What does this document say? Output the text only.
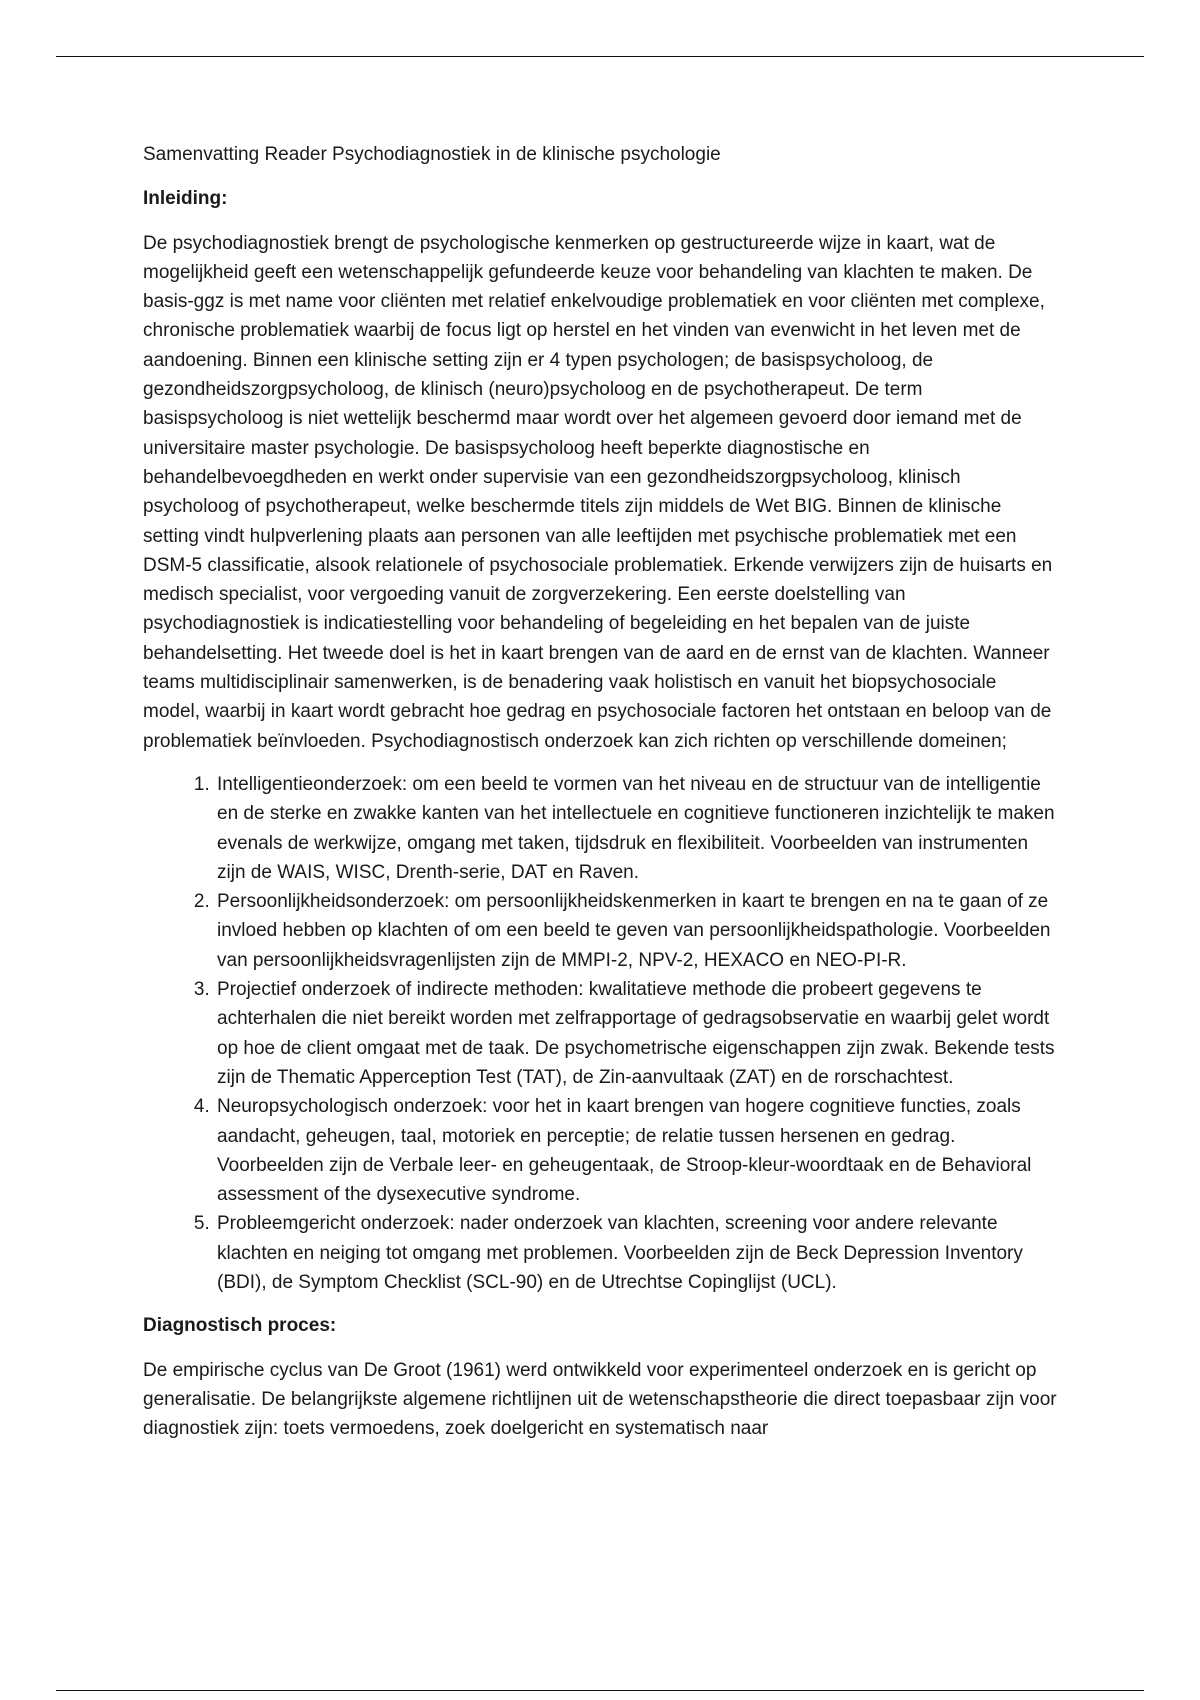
Samenvatting Reader Psychodiagnostiek in de klinische psychologie

Inleiding:

De psychodiagnostiek brengt de psychologische kenmerken op gestructureerde wijze in kaart, wat de mogelijkheid geeft een wetenschappelijk gefundeerde keuze voor behandeling van klachten te maken. De basis-ggz is met name voor cliënten met relatief enkelvoudige problematiek en voor cliënten met complexe, chronische problematiek waarbij de focus ligt op herstel en het vinden van evenwicht in het leven met de aandoening. Binnen een klinische setting zijn er 4 typen psychologen; de basispsycholoog, de gezondheidszorgpsycholoog, de klinisch (neuro)psycholoog en de psychotherapeut. De term basispsycholoog is niet wettelijk beschermd maar wordt over het algemeen gevoerd door iemand met de universitaire master psychologie. De basispsycholoog heeft beperkte diagnostische en behandelbevoegdheden en werkt onder supervisie van een gezondheidszorgpsycholoog, klinisch psycholoog of psychotherapeut, welke beschermde titels zijn middels de Wet BIG. Binnen de klinische setting vindt hulpverlening plaats aan personen van alle leeftijden met psychische problematiek met een DSM-5 classificatie, alsook relationele of psychosociale problematiek. Erkende verwijzers zijn de huisarts en medisch specialist, voor vergoeding vanuit de zorgverzekering. Een eerste doelstelling van psychodiagnostiek is indicatiestelling voor behandeling of begeleiding en het bepalen van de juiste behandelsetting. Het tweede doel is het in kaart brengen van de aard en de ernst van de klachten. Wanneer teams multidisciplinair samenwerken, is de benadering vaak holistisch en vanuit het biopsychosociale model, waarbij in kaart wordt gebracht hoe gedrag en psychosociale factoren het ontstaan en beloop van de problematiek beïnvloeden. Psychodiagnostisch onderzoek kan zich richten op verschillende domeinen;

1. Intelligentieonderzoek: om een beeld te vormen van het niveau en de structuur van de intelligentie en de sterke en zwakke kanten van het intellectuele en cognitieve functioneren inzichtelijk te maken evenals de werkwijze, omgang met taken, tijdsdruk en flexibiliteit. Voorbeelden van instrumenten zijn de WAIS, WISC, Drenth-serie, DAT en Raven.
2. Persoonlijkheidsonderzoek: om persoonlijkheidskenmerken in kaart te brengen en na te gaan of ze invloed hebben op klachten of om een beeld te geven van persoonlijkheidspathologie. Voorbeelden van persoonlijkheidsvragenlijsten zijn de MMPI-2, NPV-2, HEXACO en NEO-PI-R.
3. Projectief onderzoek of indirecte methoden: kwalitatieve methode die probeert gegevens te achterhalen die niet bereikt worden met zelfrapportage of gedragsobservatie en waarbij gelet wordt op hoe de client omgaat met de taak. De psychometrische eigenschappen zijn zwak. Bekende tests zijn de Thematic Apperception Test (TAT), de Zin-aanvultaak (ZAT) en de rorschachtest.
4. Neuropsychologisch onderzoek: voor het in kaart brengen van hogere cognitieve functies, zoals aandacht, geheugen, taal, motoriek en perceptie; de relatie tussen hersenen en gedrag. Voorbeelden zijn de Verbale leer- en geheugentaak, de Stroop-kleur-woordtaak en de Behavioral assessment of the dysexecutive syndrome.
5. Probleemgericht onderzoek: nader onderzoek van klachten, screening voor andere relevante klachten en neiging tot omgang met problemen. Voorbeelden zijn de Beck Depression Inventory (BDI), de Symptom Checklist (SCL-90) en de Utrechtse Copinglijst (UCL).

Diagnostisch proces:

De empirische cyclus van De Groot (1961) werd ontwikkeld voor experimenteel onderzoek en is gericht op generalisatie. De belangrijkste algemene richtlijnen uit de wetenschapstheorie die direct toepasbaar zijn voor diagnostiek zijn: toets vermoedens, zoek doelgericht en systematisch naar
